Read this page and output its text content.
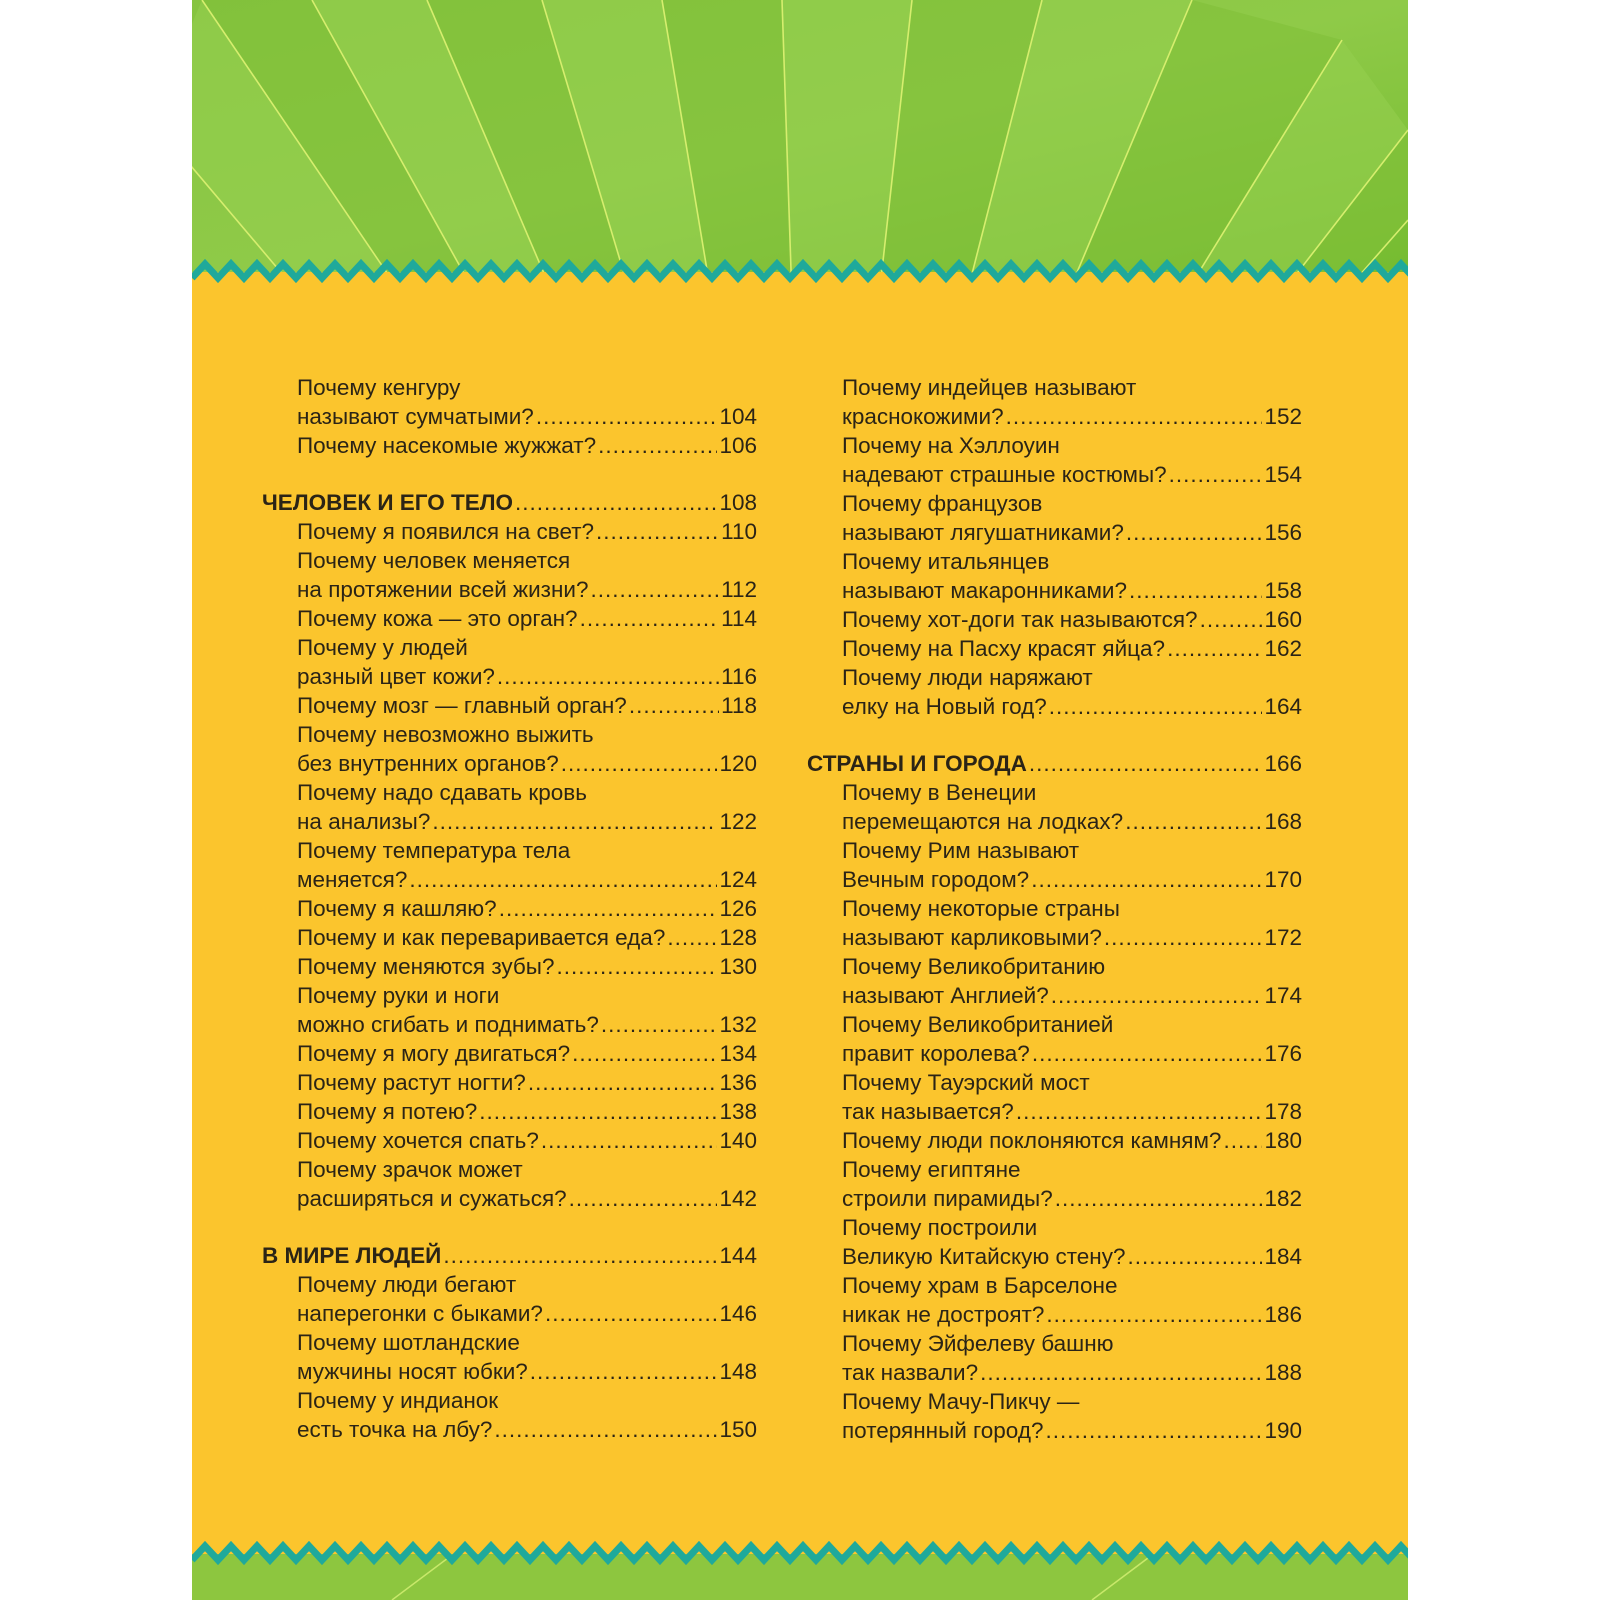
Почему кенгуру
называют сумчатыми? .....	104
Почему насекомые жужжат? .....	106
ЧЕЛОВЕК И ЕГО ТЕЛО .....	108
Почему я появился на свет? .....	110
Почему человек меняется
на протяжении всей жизни? .....	112
Почему кожа — это орган? .....	114
Почему у людей
разный цвет кожи? .....	116
Почему мозг — главный орган? .....	118
Почему невозможно выжить
без внутренних органов? .....	120
Почему надо сдавать кровь
на анализы? .....	122
Почему температура тела
меняется? .....	124
Почему я кашляю? .....	126
Почему и как переваривается еда? ..... 128
Почему меняются зубы? .....	130
Почему руки и ноги
можно сгибать и поднимать? .....	132
Почему я могу двигаться? .....	134
Почему растут ногти? .....	136
Почему я потею? .....	138
Почему хочется спать? .....	140
Почему зрачок может
расширяться и сужаться? .....	142
В МИРЕ ЛЮДЕЙ .....	144
Почему люди бегают
наперегонки с быками? .....	146
Почему шотландские
мужчины носят юбки? .....	148
Почему у индианок
есть точка на лбу? .....	150
Почему индейцев называют
краснокожими? .....	152
Почему на Хэллоуин
надевают страшные костюмы? .....	154
Почему французов
называют лягушатниками? .....	156
Почему итальянцев
называют макаронниками? .....	158
Почему хот-доги так называются? .....	160
Почему на Пасху красят яйца? .....	162
Почему люди наряжают
елку на Новый год? .....	164
СТРАНЫ И ГОРОДА .....	166
Почему в Венеции
перемещаются на лодках? .....	168
Почему Рим называют
Вечным городом? .....	170
Почему некоторые страны
называют карликовыми? .....	172
Почему Великобританию
называют Англией? .....	174
Почему Великобританией
правит королева? .....	176
Почему Тауэрский мост
так называется? .....	178
Почему люди поклоняются камням? ..... 180
Почему египтяне
строили пирамиды? .....	182
Почему построили
Великую Китайскую стену? .....	184
Почему храм в Барселоне
никак не достроят? .....	186
Почему Эйфелеву башню
так назвали? .....	188
Почему Мачу-Пикчу —
потерянный город? .....	190
